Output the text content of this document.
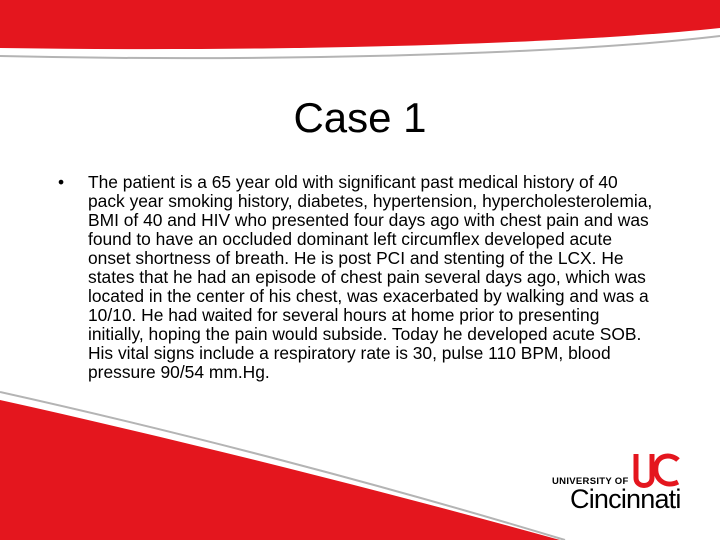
Case 1
• The patient is a 65 year old with significant past medical history of 40 pack year smoking history, diabetes, hypertension, hypercholesterolemia, BMI of 40 and HIV who presented four days ago with chest pain and was found to have an occluded dominant left circumflex developed acute onset shortness of breath. He is post PCI and stenting of the LCX. He states that he had an episode of chest pain several days ago, which was located in the center of his chest, was exacerbated by walking and was a 10/10. He had waited for several hours at home prior to presenting initially, hoping the pain would subside. Today he developed acute SOB. His vital signs include a respiratory rate is 30, pulse 110 BPM, blood pressure 90/54 mm.Hg.
UNIVERSITY OF
Cincinnati
